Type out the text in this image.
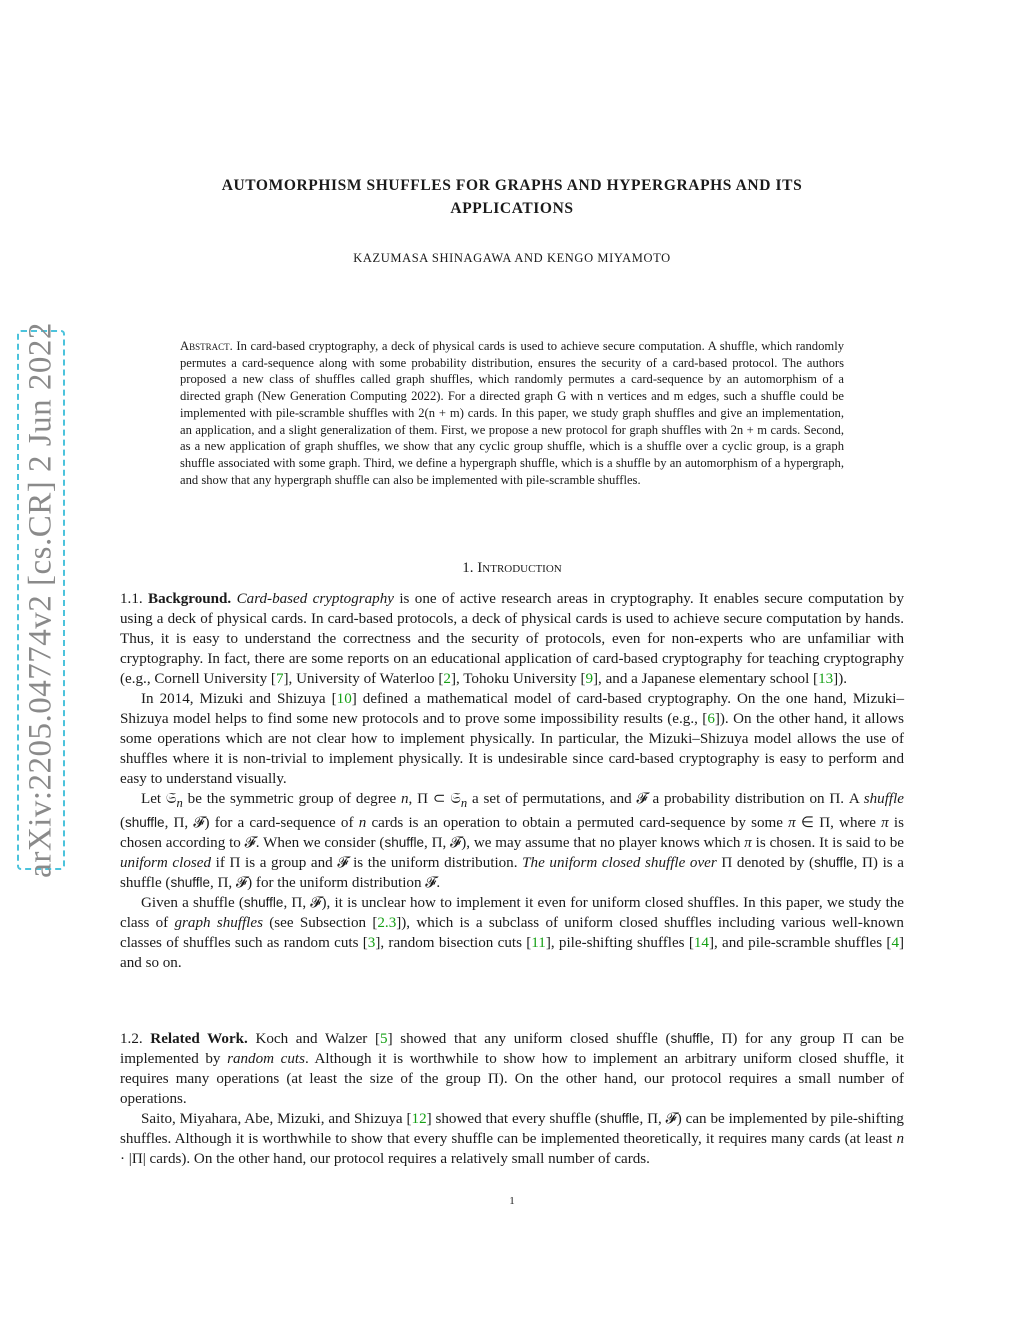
arXiv:2205.04774v2 [cs.CR] 2 Jun 2022
AUTOMORPHISM SHUFFLES FOR GRAPHS AND HYPERGRAPHS AND ITS
APPLICATIONS
KAZUMASA SHINAGAWA AND KENGO MIYAMOTO
Abstract. In card-based cryptography, a deck of physical cards is used to achieve secure computation. A shuffle, which randomly permutes a card-sequence along with some probability distribution, ensures the security of a card-based protocol. The authors proposed a new class of shuffles called graph shuffles, which randomly permutes a card-sequence by an automorphism of a directed graph (New Generation Computing 2022). For a directed graph G with n vertices and m edges, such a shuffle could be implemented with pile-scramble shuffles with 2(n + m) cards. In this paper, we study graph shuffles and give an implementation, an application, and a slight generalization of them. First, we propose a new protocol for graph shuffles with 2n + m cards. Second, as a new application of graph shuffles, we show that any cyclic group shuffle, which is a shuffle over a cyclic group, is a graph shuffle associated with some graph. Third, we define a hypergraph shuffle, which is a shuffle by an automorphism of a hypergraph, and show that any hypergraph shuffle can also be implemented with pile-scramble shuffles.
1. Introduction

1.1. Background. Card-based cryptography is one of active research areas in cryptography. It enables secure computation by using a deck of physical cards. In card-based protocols, a deck of physical cards is used to achieve secure computation by hands. Thus, it is easy to understand the correctness and the security of protocols, even for non-experts who are unfamiliar with cryptography. In fact, there are some reports on an educational application of card-based cryptography for teaching cryptography (e.g., Cornell University [ 7 ] , University of Waterloo [ 2 ] , Tohoku University [ 9 ] , and a Japanese elementary school [ 13 ] ).

In 2014, Mizuki and Shizuya [ 10 ] defined a mathematical model of card-based cryptography. On the one hand, Mizuki–Shizuya model helps to find some new protocols and to prove some impossibility results (e.g., [ 6 ] ). On the other hand, it allows some operations which are not clear how to implement physically. In particular, the Mizuki–Shizuya model allows the use of shuffles where it is non-trivial to implement physically. It is undesirable since card-based cryptography is easy to perform and easy to understand visually.

Let 𝔖$_n$ be the symmetric group of degree n, Π ⊂ 𝔖$_n$ a set of permutations, and 𝓕 a probability distribution on Π. A shuffle (shuffle, Π, 𝓕) for a card-sequence of n cards is an operation to obtain a permuted card-sequence by some π ∈ Π, where π is chosen according to 𝓕. When we consider (shuffle, Π, 𝓕), we may assume that no player knows which π is chosen. It is said to be uniform closed if Π is a group and 𝓕 is the uniform distribution. The uniform closed shuffle over Π denoted by (shuffle, Π) is a shuffle (shuffle, Π, 𝓕) for the uniform distribution 𝓕.

Given a shuffle (shuffle, Π, 𝓕), it is unclear how to implement it even for uniform closed shuffles. In this paper, we study the class of graph shuffles (see Subsection [ 2.3 ] ), which is a subclass of uniform closed shuffles including various well-known classes of shuffles such as random cuts [ 3 ] , random bisection cuts [ 11 ] , pile-shifting shuffles [ 14 ] , and pile-scramble shuffles [ 4 ] and so on.

1.2. Related Work. Koch and Walzer [ 5 ] showed that any uniform closed shuffle (shuffle, Π) for any group Π can be implemented by random cuts. Although it is worthwhile to show how to implement an arbitrary uniform closed shuffle, it requires many operations (at least the size of the group Π). On the other hand, our protocol requires a small number of operations.

Saito, Miyahara, Abe, Mizuki, and Shizuya [ 12 ] showed that every shuffle (shuffle, Π, 𝓕) can be implemented by pile-shifting shuffles. Although it is worthwhile to show that every shuffle can be implemented theoretically, it requires many cards (at least n · |Π| cards). On the other hand, our protocol requires a relatively small number of cards.

1
